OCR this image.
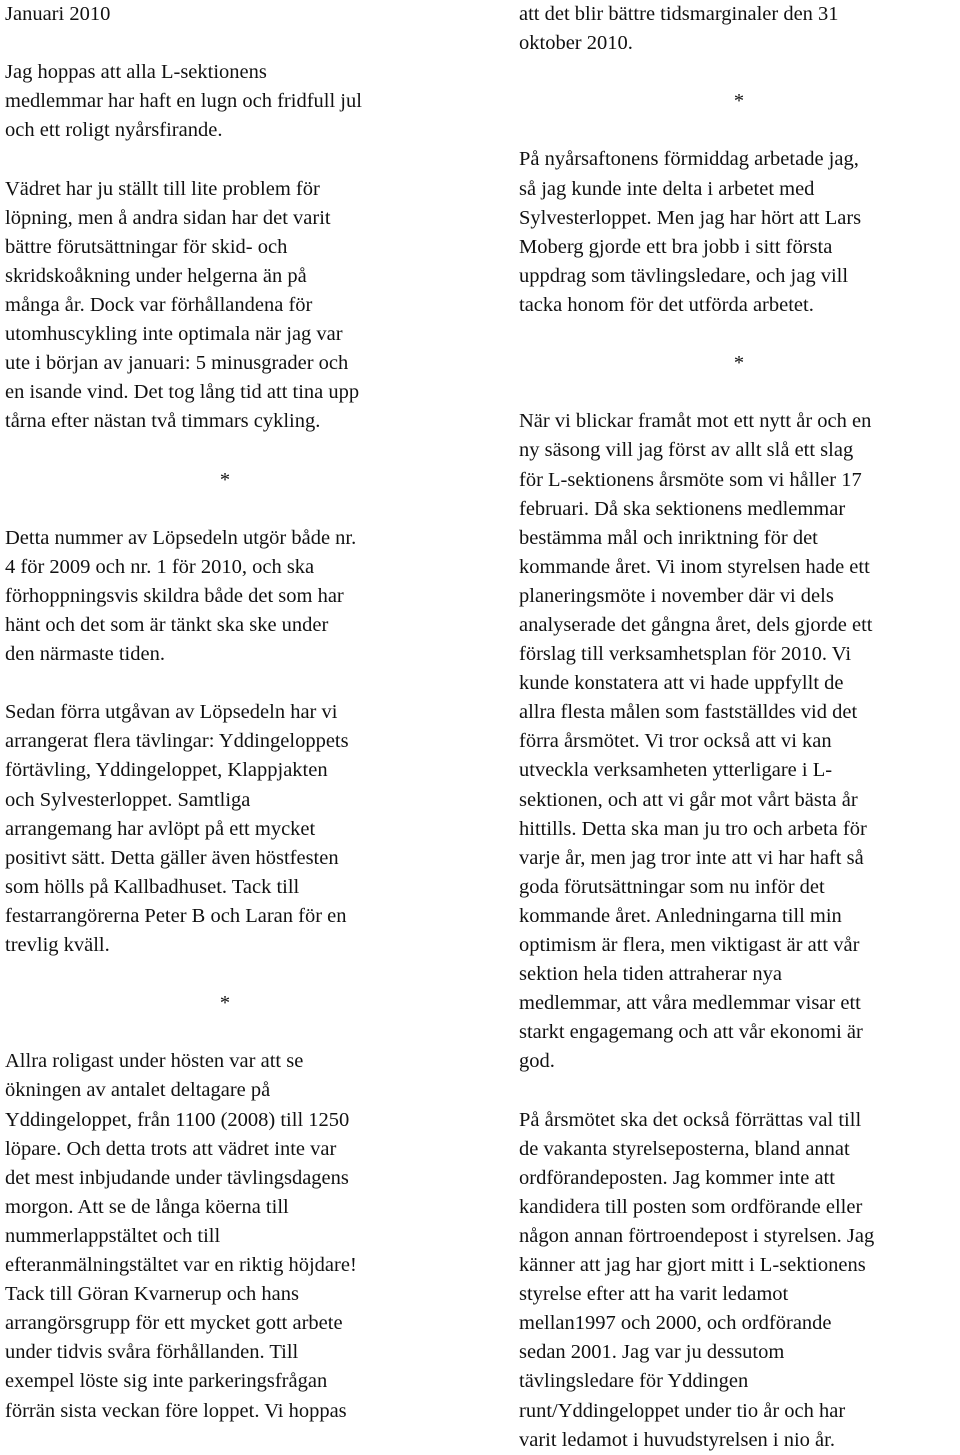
Januari 2010
Jag hoppas att alla L-sektionens
medlemmar har haft en lugn och fridfull jul
och ett roligt nyårsfirande.
Vädret har ju ställt till lite problem för
löpning, men å andra sidan har det varit
bättre förutsättningar för skid- och
skridskoåkning under helgerna än på
många år. Dock var förhållandena för
utomhuscykling inte optimala när jag var
ute i början av januari: 5 minusgrader och
en isande vind. Det tog lång tid att tina upp
tårna efter nästan två timmars cykling.
*
Detta nummer av Löpsedeln utgör både nr.
4 för 2009 och nr. 1 för 2010, och ska
förhoppningsvis skildra både det som har
hänt och det som är tänkt ska ske under
den närmaste tiden.
Sedan förra utgåvan av Löpsedeln har vi
arrangerat flera tävlingar: Yddingeloppets
förtävling, Yddingeloppet, Klappjakten
och Sylvesterloppet. Samtliga
arrangemang har avlöpt på ett mycket
positivt sätt. Detta gäller även höstfesten
som hölls på Kallbadhuset. Tack till
festarrangörerna Peter B och Laran för en
trevlig kväll.
*
Allra roligast under hösten var att se
ökningen av antalet deltagare på
Yddingeloppet, från 1100 (2008) till 1250
löpare. Och detta trots att vädret inte var
det mest inbjudande under tävlingsdagens
morgon. Att se de långa köerna till
nummerlappstältet och till
efteranmälningstältet var en riktig höjdare!
Tack till Göran Kvarnerup och hans
arrangörsgrupp för ett mycket gott arbete
under tidvis svåra förhållanden. Till
exempel löste sig inte parkeringsfrågan
förrän sista veckan före loppet. Vi hoppas
att det blir bättre tidsmarginaler den 31
oktober 2010.
*
På nyårsaftonens förmiddag arbetade jag,
så jag kunde inte delta i arbetet med
Sylvesterloppet. Men jag har hört att Lars
Moberg gjorde ett bra jobb i sitt första
uppdrag som tävlingsledare, och jag vill
tacka honom för det utförda arbetet.
*
När vi blickar framåt mot ett nytt år och en
ny säsong vill jag först av allt slå ett slag
för L-sektionens årsmöte som vi håller 17
februari. Då ska sektionens medlemmar
bestämma mål och inriktning för det
kommande året. Vi inom styrelsen hade ett
planeringsmöte i november där vi dels
analyserade det gångna året, dels gjorde ett
förslag till verksamhetsplan för 2010. Vi
kunde konstatera att vi hade uppfyllt de
allra flesta målen som fastställdes vid det
förra årsmötet. Vi tror också att vi kan
utveckla verksamheten ytterligare i L-
sektionen, och att vi går mot vårt bästa år
hittills. Detta ska man ju tro och arbeta för
varje år, men jag tror inte att vi har haft så
goda förutsättningar som nu inför det
kommande året. Anledningarna till min
optimism är flera, men viktigast är att vår
sektion hela tiden attraherar nya
medlemmar, att våra medlemmar visar ett
starkt engagemang och att vår ekonomi är
god.
På årsmötet ska det också förrättas val till
de vakanta styrelseposterna, bland annat
ordförandeposten. Jag kommer inte att
kandidera till posten som ordförande eller
någon annan förtroendepost i styrelsen. Jag
känner att jag har gjort mitt i L-sektionens
styrelse efter att ha varit ledamot
mellan1997 och 2000, och ordförande
sedan 2001. Jag var ju dessutom
tävlingsledare för Yddingen
runt/Yddingeloppet under tio år och har
varit ledamot i huvudstyrelsen i nio år.
